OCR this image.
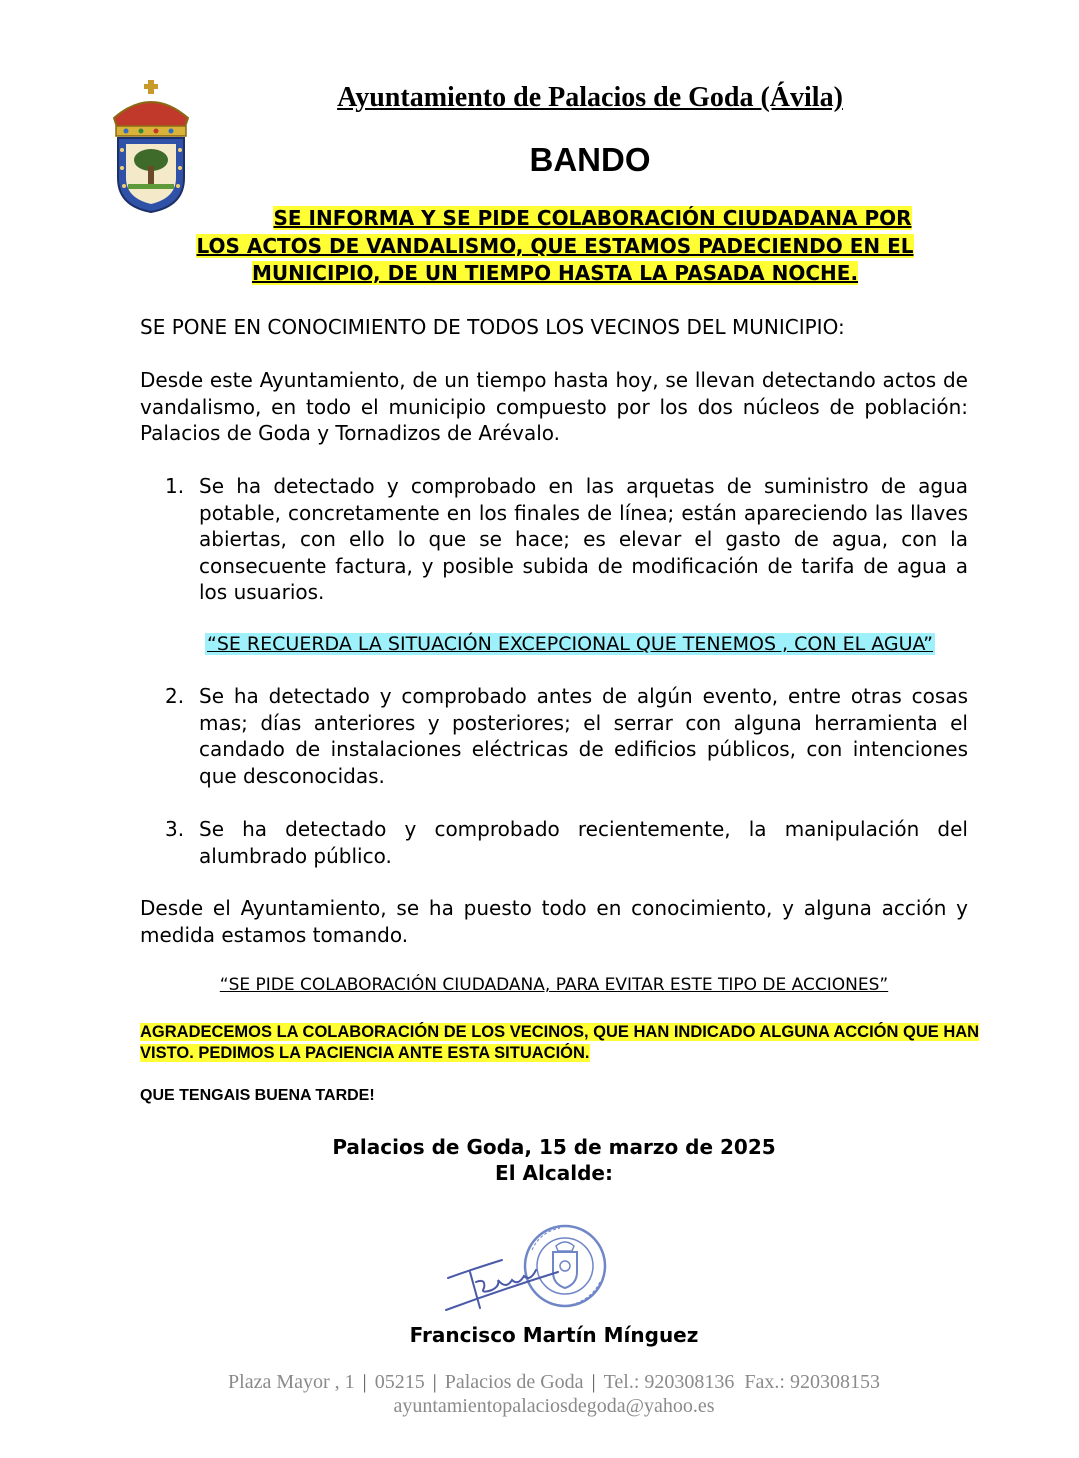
Ayuntamiento de Palacios de Goda (Ávila)
BANDO
SE INFORMA Y SE PIDE COLABORACIÓN CIUDADANA POR
LOS ACTOS DE VANDALISMO, QUE ESTAMOS PADECIENDO EN EL
MUNICIPIO, DE UN TIEMPO HASTA LA PASADA NOCHE.
SE PONE EN CONOCIMIENTO DE TODOS LOS VECINOS DEL MUNICIPIO:
Desde este Ayuntamiento, de un tiempo hasta hoy, se llevan detectando actos de vandalismo, en todo el municipio compuesto por los dos núcleos de población: Palacios de Goda y Tornadizos de Arévalo.
1. Se ha detectado y comprobado en las arquetas de suministro de agua potable, concretamente en los finales de línea; están apareciendo las llaves abiertas, con ello lo que se hace; es elevar el gasto de agua, con la consecuente factura, y posible subida de modificación de tarifa de agua a los usuarios.
“SE RECUERDA LA SITUACIÓN EXCEPCIONAL QUE TENEMOS , CON EL AGUA”
2. Se ha detectado y comprobado antes de algún evento, entre otras cosas mas; días anteriores y posteriores; el serrar con alguna herramienta el candado de instalaciones eléctricas de edificios públicos, con intenciones que desconocidas.
3. Se ha detectado y comprobado recientemente, la manipulación del alumbrado público.
Desde el Ayuntamiento, se ha puesto todo en conocimiento, y alguna acción y medida estamos tomando.
“SE PIDE COLABORACIÓN CIUDADANA, PARA EVITAR ESTE TIPO DE ACCIONES”
AGRADECEMOS LA COLABORACIÓN DE LOS VECINOS, QUE HAN INDICADO ALGUNA ACCIÓN QUE HAN VISTO. PEDIMOS LA PACIENCIA ANTE ESTA SITUACIÓN.
QUE TENGAIS BUENA TARDE!
Palacios de Goda, 15 de marzo de 2025
El Alcalde:
Francisco Martín Mínguez
Plaza Mayor , 1 | 05215 | Palacios de Goda | Tel.: 920308136 Fax.: 920308153
ayuntamientopalaciosdegoda@yahoo.es
